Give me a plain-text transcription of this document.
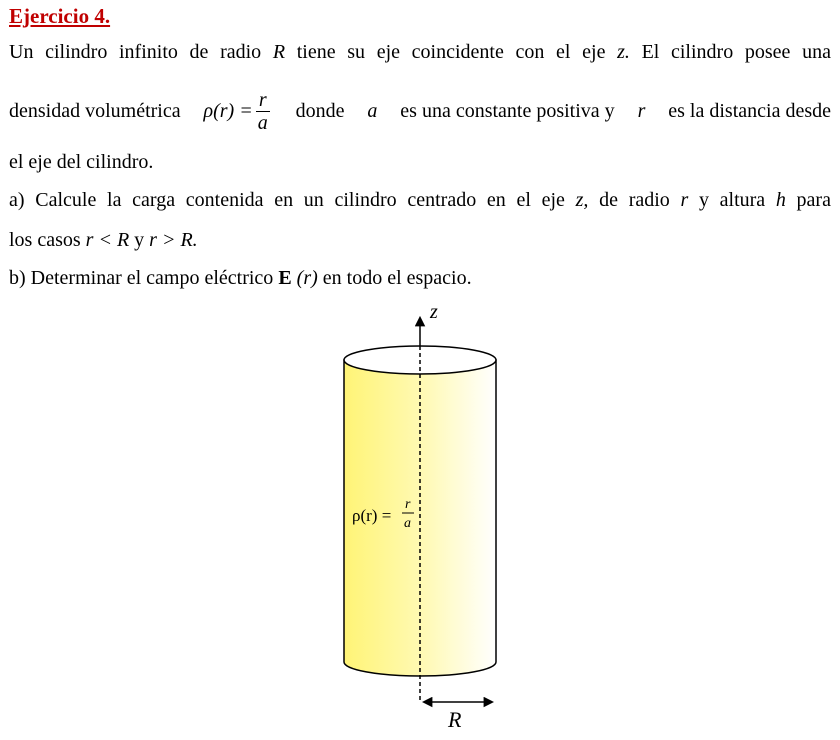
Ejercicio 4.
Un cilindro infinito de radio R tiene su eje coincidente con el eje z. El cilindro posee una
densidad volumétrica $\rho(r) = \frac{r}{a}$ donde a es una constante positiva y r es la distancia desde
el eje del cilindro.
a) Calcule la carga contenida en un cilindro centrado en el eje z, de radio r y altura h para
los casos r < R y r > R.
b) Determinar el campo eléctrico E (r) en todo el espacio.
z
ρ(r) =
r
a
R
